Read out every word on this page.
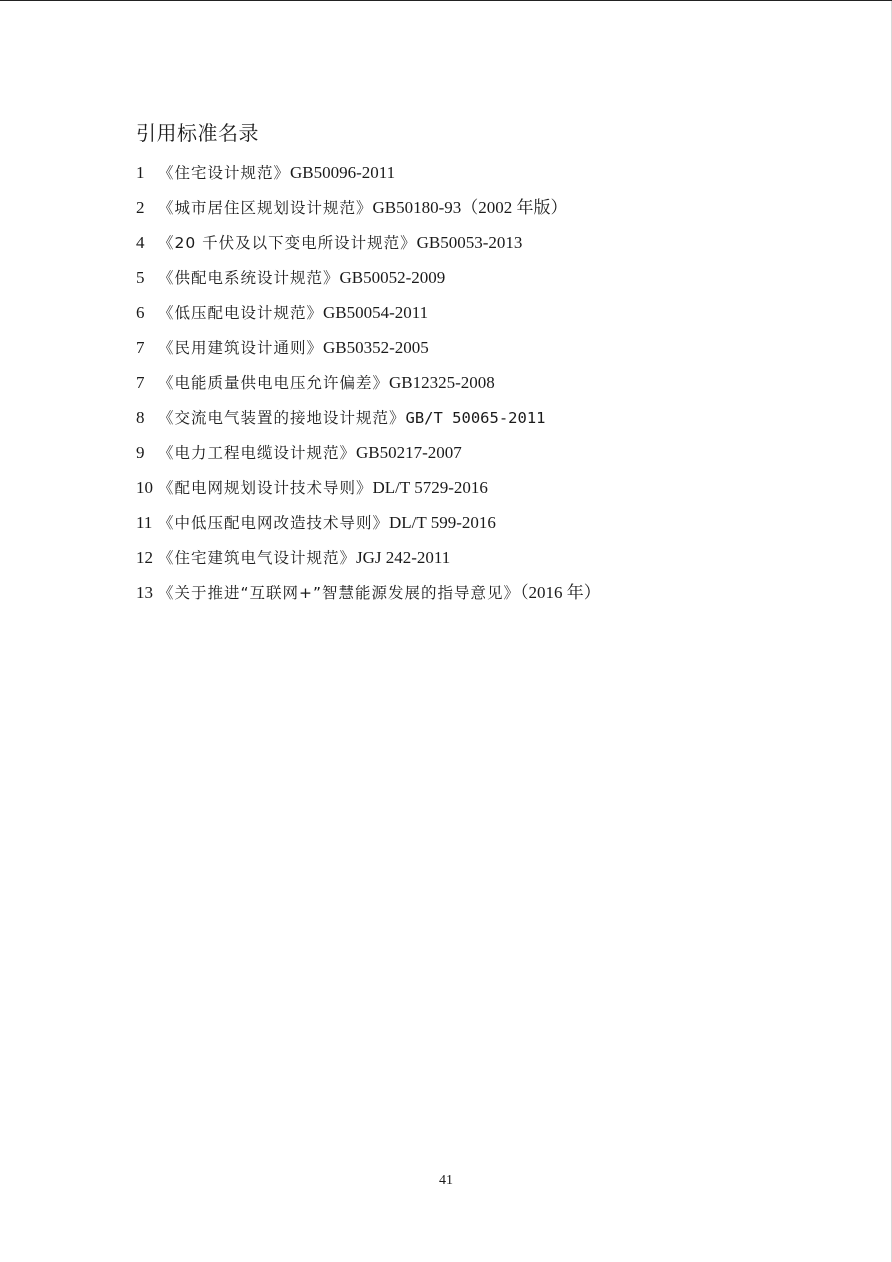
引用标准名录
1 《住宅设计规范》GB50096-2011
2 《城市居住区规划设计规范》GB50180-93（2002 年版）
4 《20 千伏及以下变电所设计规范》GB50053-2013
5 《供配电系统设计规范》GB50052-2009
6 《低压配电设计规范》GB50054-2011
7 《民用建筑设计通则》GB50352-2005
7 《电能质量供电电压允许偏差》GB12325-2008
8 《交流电气装置的接地设计规范》GB/T 50065-2011
9 《电力工程电缆设计规范》GB50217-2007
10 《配电网规划设计技术导则》DL/T 5729-2016
11 《中低压配电网改造技术导则》DL/T 599-2016
12 《住宅建筑电气设计规范》JGJ 242-2011
13 《关于推进“互联网+”智慧能源发展的指导意见》（2016 年）
41
